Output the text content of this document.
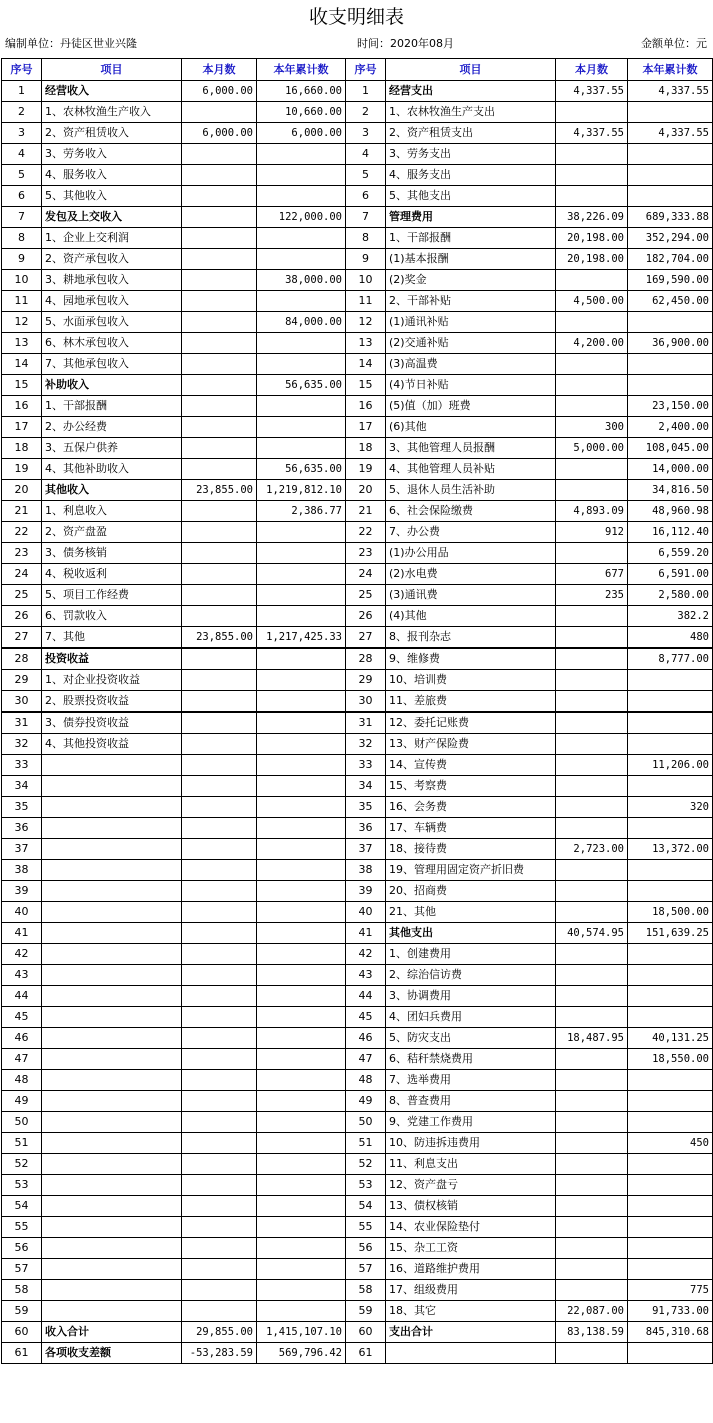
收支明细表
编制单位：丹徒区世业兴隆	时间：2020年08月	金额单位：元
序号	项目	本月数	本年累计数	序号	项目	本月数	本年累计数
1	经营收入	6,000.00	16,660.00	1	经营支出	4,337.55	4,337.55
2	1、农林牧渔生产收入		10,660.00	2	1、农林牧渔生产支出		
3	2、资产租赁收入	6,000.00	6,000.00	3	2、资产租赁支出	4,337.55	4,337.55
4	3、劳务收入			4	3、劳务支出		
5	4、服务收入			5	4、服务支出		
6	5、其他收入			6	5、其他支出		
7	发包及上交收入		122,000.00	7	管理费用	38,226.09	689,333.88
8	1、企业上交利润			8	1、干部报酬	20,198.00	352,294.00
9	2、资产承包收入			9	(1)基本报酬	20,198.00	182,704.00
10	3、耕地承包收入		38,000.00	10	(2)奖金		169,590.00
11	4、园地承包收入			11	2、干部补贴	4,500.00	62,450.00
12	5、水面承包收入		84,000.00	12	(1)通讯补贴		
13	6、林木承包收入			13	(2)交通补贴	4,200.00	36,900.00
14	7、其他承包收入			14	(3)高温费		
15	补助收入		56,635.00	15	(4)节日补贴		
16	1、干部报酬			16	(5)值（加）班费		23,150.00
17	2、办公经费			17	(6)其他	300	2,400.00
18	3、五保户供养			18	3、其他管理人员报酬	5,000.00	108,045.00
19	4、其他补助收入		56,635.00	19	4、其他管理人员补贴		14,000.00
20	其他收入	23,855.00	1,219,812.10	20	5、退休人员生活补助		34,816.50
21	1、利息收入		2,386.77	21	6、社会保险缴费	4,893.09	48,960.98
22	2、资产盘盈			22	7、办公费	912	16,112.40
23	3、债务核销			23	(1)办公用品		6,559.20
24	4、税收返利			24	(2)水电费	677	6,591.00
25	5、项目工作经费			25	(3)通讯费	235	2,580.00
26	6、罚款收入			26	(4)其他		382.2
27	7、其他	23,855.00	1,217,425.33	27	8、报刊杂志		480
28	投资收益			28	9、维修费		8,777.00
29	1、对企业投资收益			29	10、培训费		
30	2、股票投资收益			30	11、差旅费		
31	3、债券投资收益			31	12、委托记账费		
32	4、其他投资收益			32	13、财产保险费		
33				33	14、宣传费		11,206.00
34				34	15、考察费		
35				35	16、会务费		320
36				36	17、车辆费		
37				37	18、接待费	2,723.00	13,372.00
38				38	19、管理用固定资产折旧费		
39				39	20、招商费		
40				40	21、其他		18,500.00
41				41	其他支出	40,574.95	151,639.25
42				42	1、创建费用		
43				43	2、综治信访费		
44				44	3、协调费用		
45				45	4、团妇兵费用		
46				46	5、防灾支出	18,487.95	40,131.25
47				47	6、秸秆禁烧费用		18,550.00
48				48	7、选举费用		
49				49	8、普查费用		
50				50	9、党建工作费用		
51				51	10、防违拆违费用		450
52				52	11、利息支出		
53				53	12、资产盘亏		
54				54	13、债权核销		
55				55	14、农业保险垫付		
56				56	15、杂工工资		
57				57	16、道路维护费用		
58				58	17、组级费用		775
59				59	18、其它	22,087.00	91,733.00
60	收入合计	29,855.00	1,415,107.10	60	支出合计	83,138.59	845,310.68
61	各项收支差额	-53,283.59	569,796.42	61			
